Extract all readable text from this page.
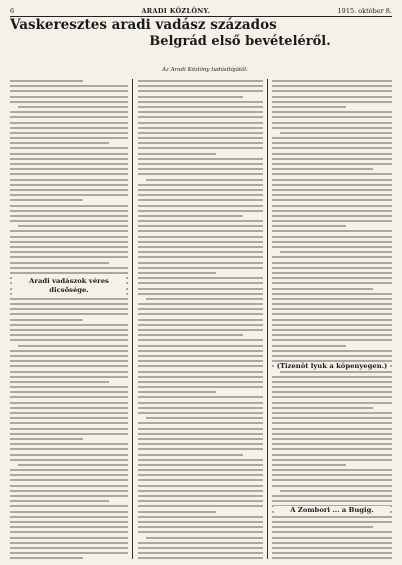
6	ARADI KÖZLÖNY.	1915. október 8.
Vaskeresztes aradi vadász százados
Belgrád első bevételéről.
Az Aradi Közlöny tudósítójától.
Aradi vadászok véres dicsősége.
(Tizenöt lyuk a köpenyegen.)
A Zombori ... a Bugig.
